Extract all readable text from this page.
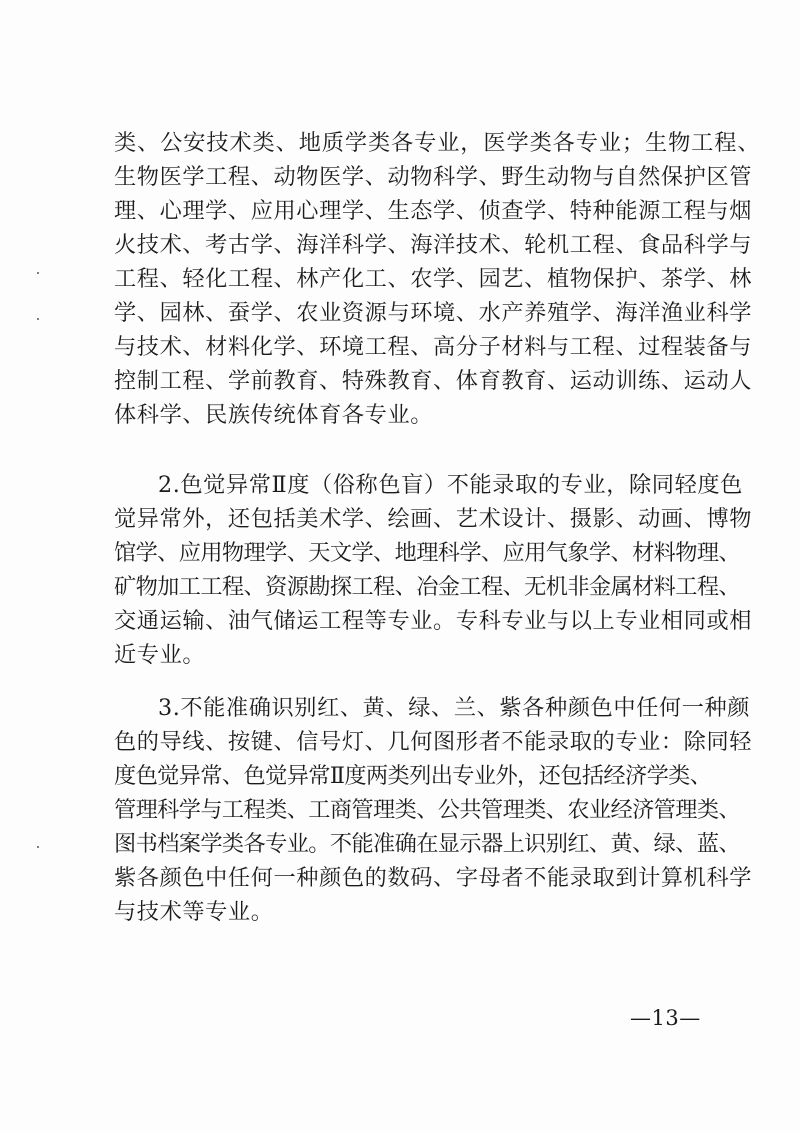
类、公安技术类、地质学类各专业，医学类各专业；生物工程、
生物医学工程、动物医学、动物科学、野生动物与自然保护区管
理、心理学、应用心理学、生态学、侦查学、特种能源工程与烟
火技术、考古学、海洋科学、海洋技术、轮机工程、食品科学与
工程、轻化工程、林产化工、农学、园艺、植物保护、茶学、林
学、园林、蚕学、农业资源与环境、水产养殖学、海洋渔业科学
与技术、材料化学、环境工程、高分子材料与工程、过程装备与
控制工程、学前教育、特殊教育、体育教育、运动训练、运动人
体科学、民族传统体育各专业。
2.色觉异常Ⅱ度（俗称色盲）不能录取的专业，除同轻度色
觉异常外，还包括美术学、绘画、艺术设计、摄影、动画、博物
馆学、应用物理学、天文学、地理科学、应用气象学、材料物理、
矿物加工工程、资源勘探工程、冶金工程、无机非金属材料工程、
交通运输、油气储运工程等专业。专科专业与以上专业相同或相
近专业。
3.不能准确识别红、黄、绿、兰、紫各种颜色中任何一种颜
色的导线、按键、信号灯、几何图形者不能录取的专业：除同轻
度色觉异常、色觉异常Ⅱ度两类列出专业外，还包括经济学类、
管理科学与工程类、工商管理类、公共管理类、农业经济管理类、
图书档案学类各专业。不能准确在显示器上识别红、黄、绿、蓝、
紫各颜色中任何一种颜色的数码、字母者不能录取到计算机科学
与技术等专业。
—13—
